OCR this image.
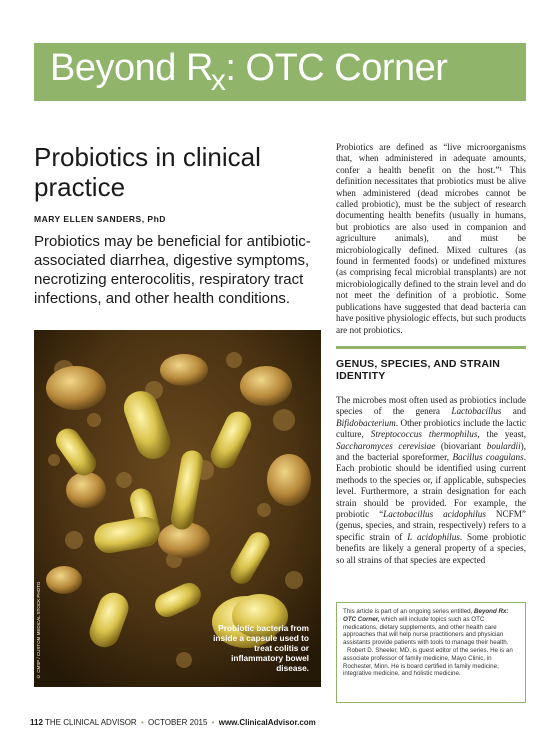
Beyond $R_x$: OTC Corner
Probiotics in clinical practice
MARY ELLEN SANDERS, PhD

Probiotics may be beneficial for antibiotic-associated diarrhea, digestive symptoms, necrotizing enterocolitis, respiratory tract infections, and other health conditions.

© CMSP / CUSTOM MEDICAL STOCK PHOTO	Probiotic bacteria from inside a capsule used to treat colitis or inflammatory bowel disease.

Probiotics are defined as “live microorganisms that, when administered in adequate amounts, confer a health benefit on the host.”¹ This definition necessitates that probiotics must be alive when administered (dead microbes cannot be called probiotic), must be the subject of research documenting health benefits (usually in humans, but probiotics are also used in companion and agriculture animals), and must be microbiologically defined. Mixed cultures (as found in fermented foods) or undefined mixtures (as comprising fecal microbial transplants) are not microbiologically defined to the strain level and do not meet the definition of a probiotic. Some publications have suggested that dead bacteria can have positive physiologic effects, but such products are not probiotics.

GENUS, SPECIES, AND STRAIN IDENTITY

The microbes most often used as probiotics include species of the genera Lactobacillus and Bifidobacterium. Other probiotics include the lactic culture, Streptococcus thermophilus, the yeast, Saccharomyces cerevisiae (biovariant boulardii), and the bacterial sporeformer, Bacillus coagulans. Each probiotic should be identified using current methods to the species or, if applicable, subspecies level. Furthermore, a strain designation for each strain should be provided. For example, the probiotic “Lactobacillus acidophilus NCFM” (genus, species, and strain, respectively) refers to a specific strain of L acidophilus. Some probiotic benefits are likely a general property of a species, so all strains of that species are expected

This article is part of an ongoing series entitled, Beyond Rx: OTC Corner, which will include topics such as OTC medications, dietary supplements, and other health care approaches that will help nurse practitioners and physician assistants provide patients with tools to manage their health.

Robert D. Sheeler, MD, is guest editor of the series. He is an associate professor of family medicine, Mayo Clinic, in Rochester, Minn. He is board certified in family medicine, integrative medicine, and holistic medicine.

112 THE CLINICAL ADVISOR • OCTOBER 2015 • www.ClinicalAdvisor.com
